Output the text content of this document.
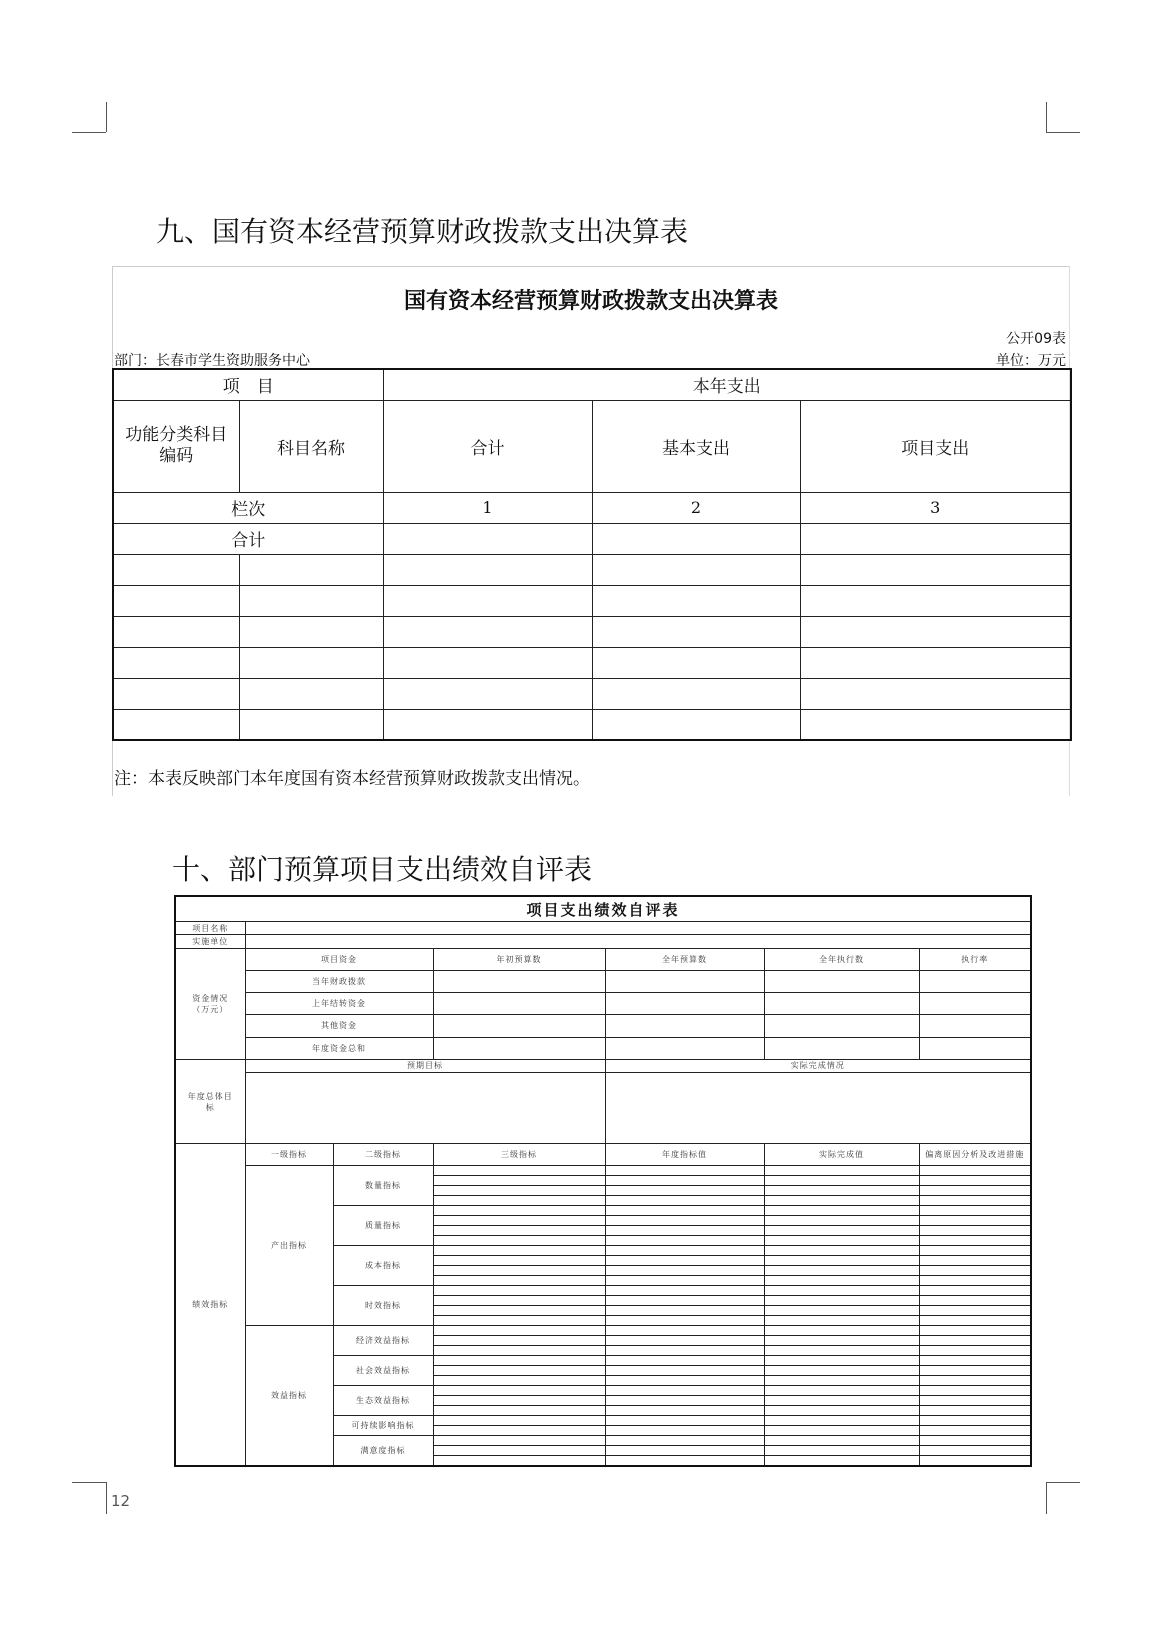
九、国有资本经营预算财政拨款支出决算表
国有资本经营预算财政拨款支出决算表
公开09表
部门：长春市学生资助服务中心	单位：万元
项　目		本年支出		
功能分类科目编码	科目名称	合计	基本支出	项目支出
栏次		1	2	3
合计				

注：本表反映部门本年度国有资本经营预算财政拨款支出情况。
十、部门预算项目支出绩效自评表
项目支出绩效自评表						
项目名称						
实施单位						
资金情况（万元）	项目资金		年初预算数	全年预算数	全年执行数	执行率
	当年财政拨款					
	上年结转资金					
	其他资金					
	年度资金总和					
年度总体目标	预期目标			实际完成情况		

绩效指标	一级指标	二级指标	三级指标	年度指标值	实际完成值	偏离原因分析及改进措施
	产出指标	数量指标				

		质量指标				

		成本指标				

		时效指标				

	效益指标	经济效益指标				

		社会效益指标				

		生态效益指标				

		可持续影响指标				

		满意度指标				

12
